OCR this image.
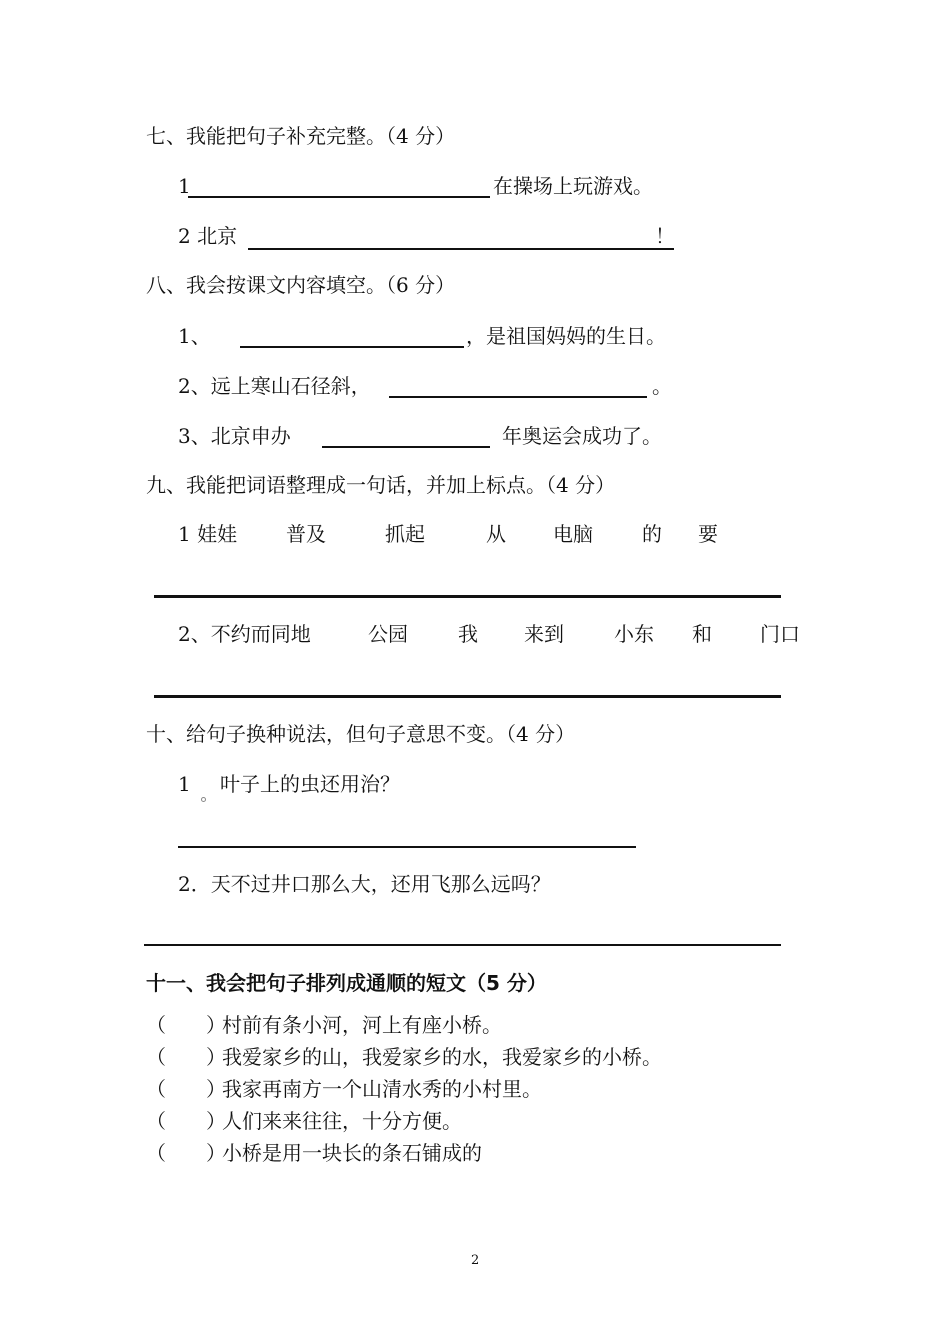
七、我能把句子补充完整。（4 分）
1	在操场上玩游戏。
2 北京	！
八、我会按课文内容填空。（6 分）
1、	，是祖国妈妈的生日。
2、远上寒山石径斜，	。
3、北京申办	年奥运会成功了。
九、我能把词语整理成一句话，并加上标点。（4 分）
1 娃娃 普及	抓起	从 电脑 的 要
2、不约而同地	公园	我 来到	小东 和 门口
十、给句子换种说法，但句子意思不变。（4 分）
1 叶子上的虫还用治？
2．天不过井口那么大，还用飞那么远吗？
十一、我会把句子排列成通顺的短文（5 分）
（　　）
村前有条小河，河上有座小桥。
（　　）
我爱家乡的山，我爱家乡的水，我爱家乡的小桥。
（　　）
我家再南方一个山清水秀的小村里。
（　　）
人们来来往往，十分方便。
（　　）
小桥是用一块长的条石铺成的
2
